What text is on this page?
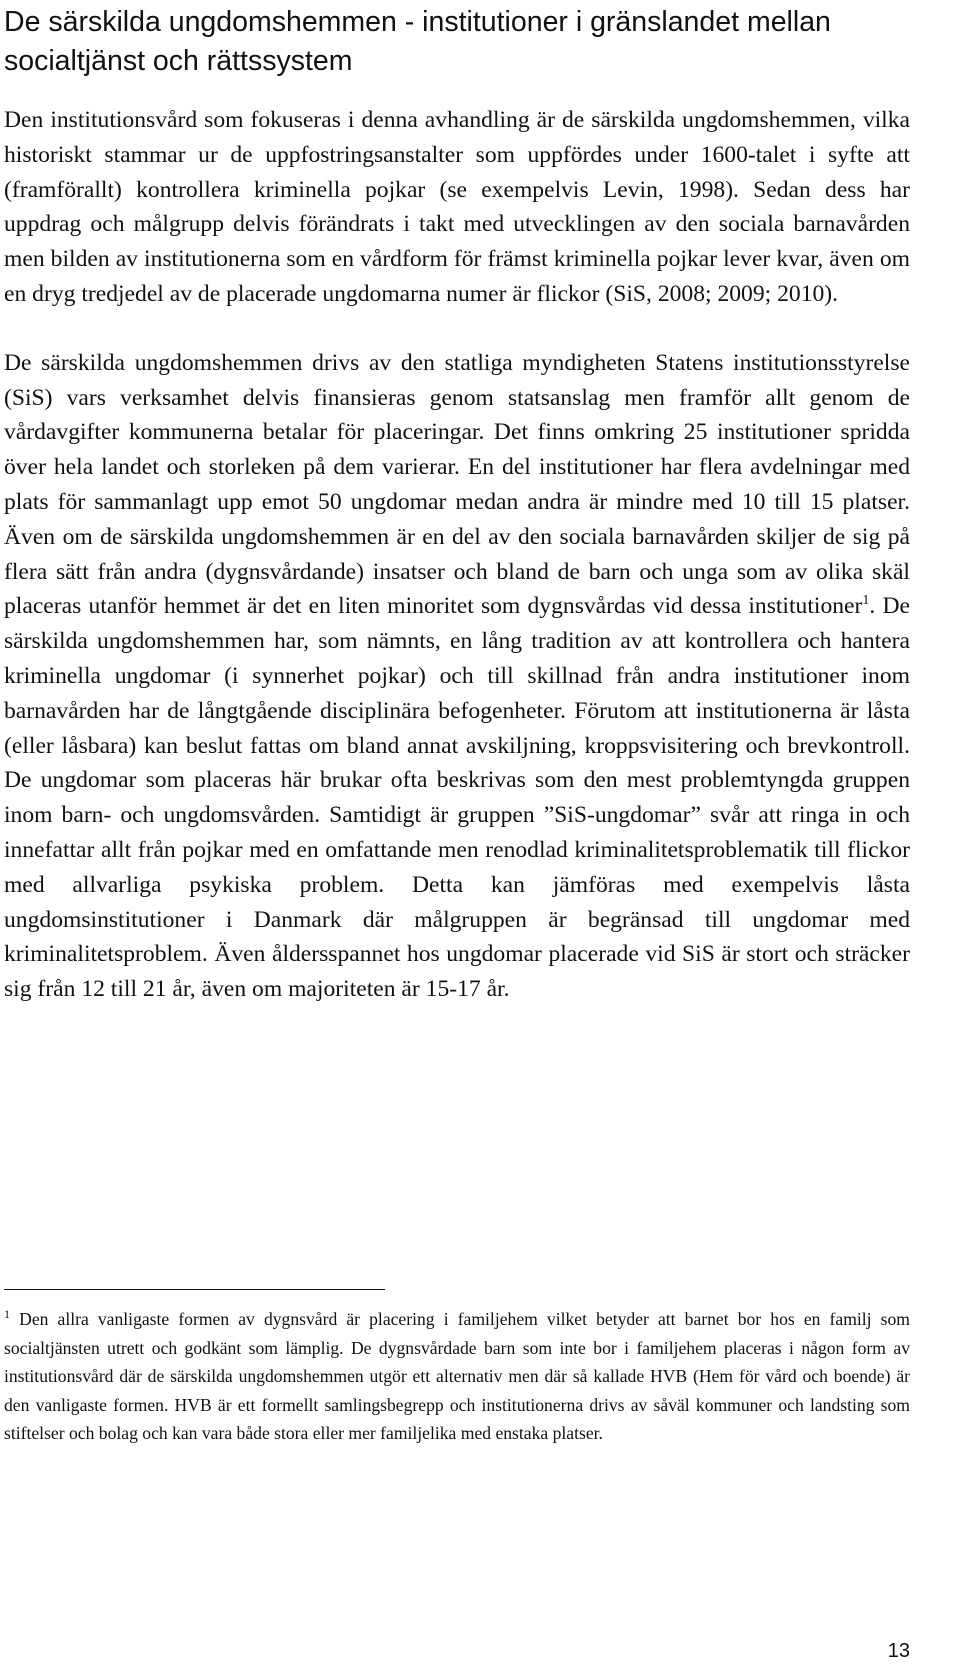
De särskilda ungdomshemmen - institutioner i gränslandet mellan socialtjänst och rättssystem

Den institutionsvård som fokuseras i denna avhandling är de särskilda ungdomshemmen, vilka historiskt stammar ur de uppfostringsanstalter som uppfördes under 1600-talet i syfte att (framförallt) kontrollera kriminella pojkar (se exempelvis Levin, 1998). Sedan dess har uppdrag och målgrupp delvis förändrats i takt med utvecklingen av den sociala barnavården men bilden av institutionerna som en vårdform för främst kriminella pojkar lever kvar, även om en dryg tredjedel av de placerade ungdomarna numer är flickor (SiS, 2008; 2009; 2010).

De särskilda ungdomshemmen drivs av den statliga myndigheten Statens institutionsstyrelse (SiS) vars verksamhet delvis finansieras genom statsanslag men framför allt genom de vårdavgifter kommunerna betalar för placeringar. Det finns omkring 25 institutioner spridda över hela landet och storleken på dem varierar. En del institutioner har flera avdelningar med plats för sammanlagt upp emot 50 ungdomar medan andra är mindre med 10 till 15 platser. Även om de särskilda ungdomshemmen är en del av den sociala barnavården skiljer de sig på flera sätt från andra (dygnsvårdande) insatser och bland de barn och unga som av olika skäl placeras utanför hemmet är det en liten minoritet som dygnsvårdas vid dessa institutioner$^1$. De särskilda ungdomshemmen har, som nämnts, en lång tradition av att kontrollera och hantera kriminella ungdomar (i synnerhet pojkar) och till skillnad från andra institutioner inom barnavården har de långtgående disciplinära befogenheter. Förutom att institutionerna är låsta (eller låsbara) kan beslut fattas om bland annat avskiljning, kroppsvisitering och brevkontroll. De ungdomar som placeras här brukar ofta beskrivas som den mest problemtyngda gruppen inom barn- och ungdomsvården. Samtidigt är gruppen ”SiS-ungdomar” svår att ringa in och innefattar allt från pojkar med en omfattande men renodlad kriminalitetsproblematik till flickor med allvarliga psykiska problem. Detta kan jämföras med exempelvis låsta ungdomsinstitutioner i Danmark där målgruppen är begränsad till ungdomar med kriminalitetsproblem. Även åldersspannet hos ungdomar placerade vid SiS är stort och sträcker sig från 12 till 21 år, även om majoriteten är 15-17 år.

$^1$ Den allra vanligaste formen av dygnsvård är placering i familjehem vilket betyder att barnet bor hos en familj som socialtjänsten utrett och godkänt som lämplig. De dygnsvårdade barn som inte bor i familjehem placeras i någon form av institutionsvård där de särskilda ungdomshemmen utgör ett alternativ men där så kallade HVB (Hem för vård och boende) är den vanligaste formen. HVB är ett formellt samlingsbegrepp och institutionerna drivs av såväl kommuner och landsting som stiftelser och bolag och kan vara både stora eller mer familjelika med enstaka platser.

13
